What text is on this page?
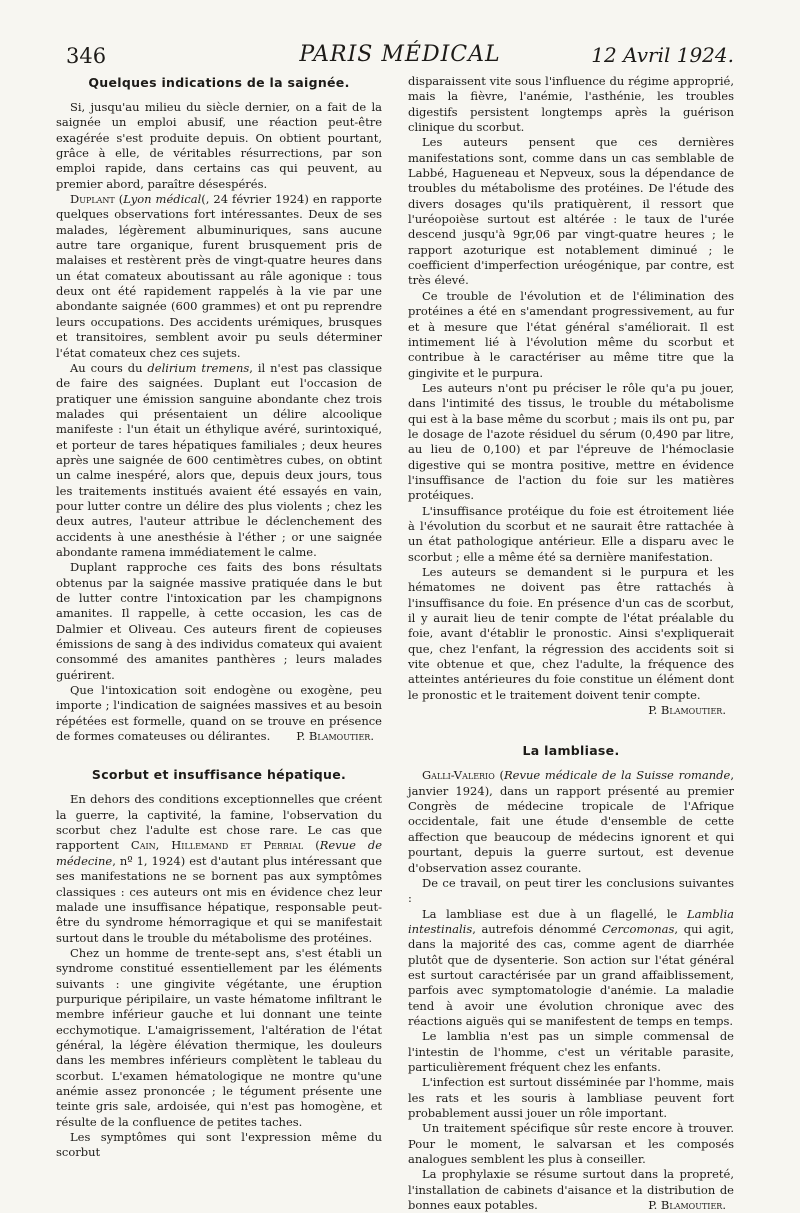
346	PARIS MÉDICAL	12 Avril 1924.
Quelques indications de la saignée.

Si, jusqu'au milieu du siècle dernier, on a fait de la saignée un emploi abusif, une réaction peut-être exagérée s'est produite depuis. On obtient pourtant, grâce à elle, de véritables résurrections, par son emploi rapide, dans certains cas qui peuvent, au premier abord, paraître désespérés.

Duplant (Lyon médical(, 24 février 1924) en rapporte quelques observations fort intéressantes. Deux de ses malades, légèrement albuminuriques, sans aucune autre tare organique, furent brusquement pris de malaises et restèrent près de vingt-quatre heures dans un état comateux aboutissant au râle agonique : tous deux ont été rapidement rappelés à la vie par une abondante saignée (600 grammes) et ont pu reprendre leurs occupations. Des accidents urémiques, brusques et transitoires, semblent avoir pu seuls déterminer l'état comateux chez ces sujets.

Au cours du delirium tremens, il n'est pas classique de faire des saignées. Duplant eut l'occasion de pratiquer une émission sanguine abondante chez trois malades qui présentaient un délire alcoolique manifeste : l'un était un éthylique avéré, surintoxiqué, et porteur de tares hépatiques familiales ; deux heures après une saignée de 600 centimètres cubes, on obtint un calme inespéré, alors que, depuis deux jours, tous les traitements institués avaient été essayés en vain, pour lutter contre un délire des plus violents ; chez les deux autres, l'auteur attribue le déclenchement des accidents à une anesthésie à l'éther ; or une saignée abondante ramena immédiatement le calme.

Duplant rapproche ces faits des bons résultats obtenus par la saignée massive pratiquée dans le but de lutter contre l'intoxication par les champignons amanites. Il rappelle, à cette occasion, les cas de Dalmier et Oliveau. Ces auteurs firent de copieuses émissions de sang à des individus comateux qui avaient consommé des amanites panthères ; leurs malades guérirent.

Que l'intoxication soit endogène ou exogène, peu importe ; l'indication de saignées massives et au besoin répétées est formelle, quand on se trouve en présence de formes comateuses ou délirantes.	P. Blamoutier.

Scorbut et insuffisance hépatique.

En dehors des conditions exceptionnelles que créent la guerre, la captivité, la famine, l'observation du scorbut chez l'adulte est chose rare. Le cas que rapportent Cain, Hillemand et Perrial (Revue de médecine, nº 1, 1924) est d'autant plus intéressant que ses manifestations ne se bornent pas aux symptômes classiques : ces auteurs ont mis en évidence chez leur malade une insuffisance hépatique, responsable peut-être du syndrome hémorragique et qui se manifestait surtout dans le trouble du métabolisme des protéines.

Chez un homme de trente-sept ans, s'est établi un syndrome constitué essentiellement par les éléments suivants : une gingivite végétante, une éruption purpurique péripilaire, un vaste hématome infiltrant le membre inférieur gauche et lui donnant une teinte ecchymotique. L'amaigrissement, l'altération de l'état général, la légère élévation thermique, les douleurs dans les membres inférieurs complètent le tableau du scorbut. L'examen hématologique ne montre qu'une anémie assez prononcée ; le tégument présente une teinte gris sale, ardoisée, qui n'est pas homogène, et résulte de la confluence de petites taches.

Les symptômes qui sont l'expression même du scorbut

disparaissent vite sous l'influence du régime approprié, mais la fièvre, l'anémie, l'asthénie, les troubles digestifs persistent longtemps après la guérison clinique du scorbut.

Les auteurs pensent que ces dernières manifestations sont, comme dans un cas semblable de Labbé, Hagueneau et Nepveux, sous la dépendance de troubles du métabolisme des protéines. De l'étude des divers dosages qu'ils pratiquèrent, il ressort que l'uréopoièse surtout est altérée : le taux de l'urée descend jusqu'à 9gr,06 par vingt-quatre heures ; le rapport azoturique est notablement diminué ; le coefficient d'imperfection uréogénique, par contre, est très élevé.

Ce trouble de l'évolution et de l'élimination des protéines a été en s'amendant progressivement, au fur et à mesure que l'état général s'améliorait. Il est intimement lié à l'évolution même du scorbut et contribue à le caractériser au même titre que la gingivite et le purpura.

Les auteurs n'ont pu préciser le rôle qu'a pu jouer, dans l'intimité des tissus, le trouble du métabolisme qui est à la base même du scorbut ; mais ils ont pu, par le dosage de l'azote résiduel du sérum (0,490 par litre, au lieu de 0,100) et par l'épreuve de l'hémoclasie digestive qui se montra positive, mettre en évidence l'insuffisance de l'action du foie sur les matières protéiques.

L'insuffisance protéique du foie est étroitement liée à l'évolution du scorbut et ne saurait être rattachée à un état pathologique antérieur. Elle a disparu avec le scorbut ; elle a même été sa dernière manifestation.

Les auteurs se demandent si le purpura et les hématomes ne doivent pas être rattachés à l'insuffisance du foie. En présence d'un cas de scorbut, il y aurait lieu de tenir compte de l'état préalable du foie, avant d'établir le pronostic. Ainsi s'expliquerait que, chez l'enfant, la régression des accidents soit si vite obtenue et que, chez l'adulte, la fréquence des atteintes antérieures du foie constitue un élément dont le pronostic et le traitement doivent tenir compte.
P. Blamoutier.

La lambliase.

Galli-Valerio (Revue médicale de la Suisse romande, janvier 1924), dans un rapport présenté au premier Congrès de médecine tropicale de l'Afrique occidentale, fait une étude d'ensemble de cette affection que beaucoup de médecins ignorent et qui pourtant, depuis la guerre surtout, est devenue d'observation assez courante.

De ce travail, on peut tirer les conclusions suivantes :

La lambliase est due à un flagellé, le Lamblia intestinalis, autrefois dénommé Cercomonas, qui agit, dans la majorité des cas, comme agent de diarrhée plutôt que de dysenterie. Son action sur l'état général est surtout caractérisée par un grand affaiblissement, parfois avec symptomatologie d'anémie. La maladie tend à avoir une évolution chronique avec des réactions aiguës qui se manifestent de temps en temps.

Le lamblia n'est pas un simple commensal de l'intestin de l'homme, c'est un véritable parasite, particulièrement fréquent chez les enfants.

L'infection est surtout disséminée par l'homme, mais les rats et les souris à lambliase peuvent fort probablement aussi jouer un rôle important.

Un traitement spécifique sûr reste encore à trouver. Pour le moment, le salvarsan et les composés analogues semblent les plus à conseiller.

La prophylaxie se résume surtout dans la propreté, l'installation de cabinets d'aisance et la distribution de bonnes eaux potables.	P. Blamoutier.
